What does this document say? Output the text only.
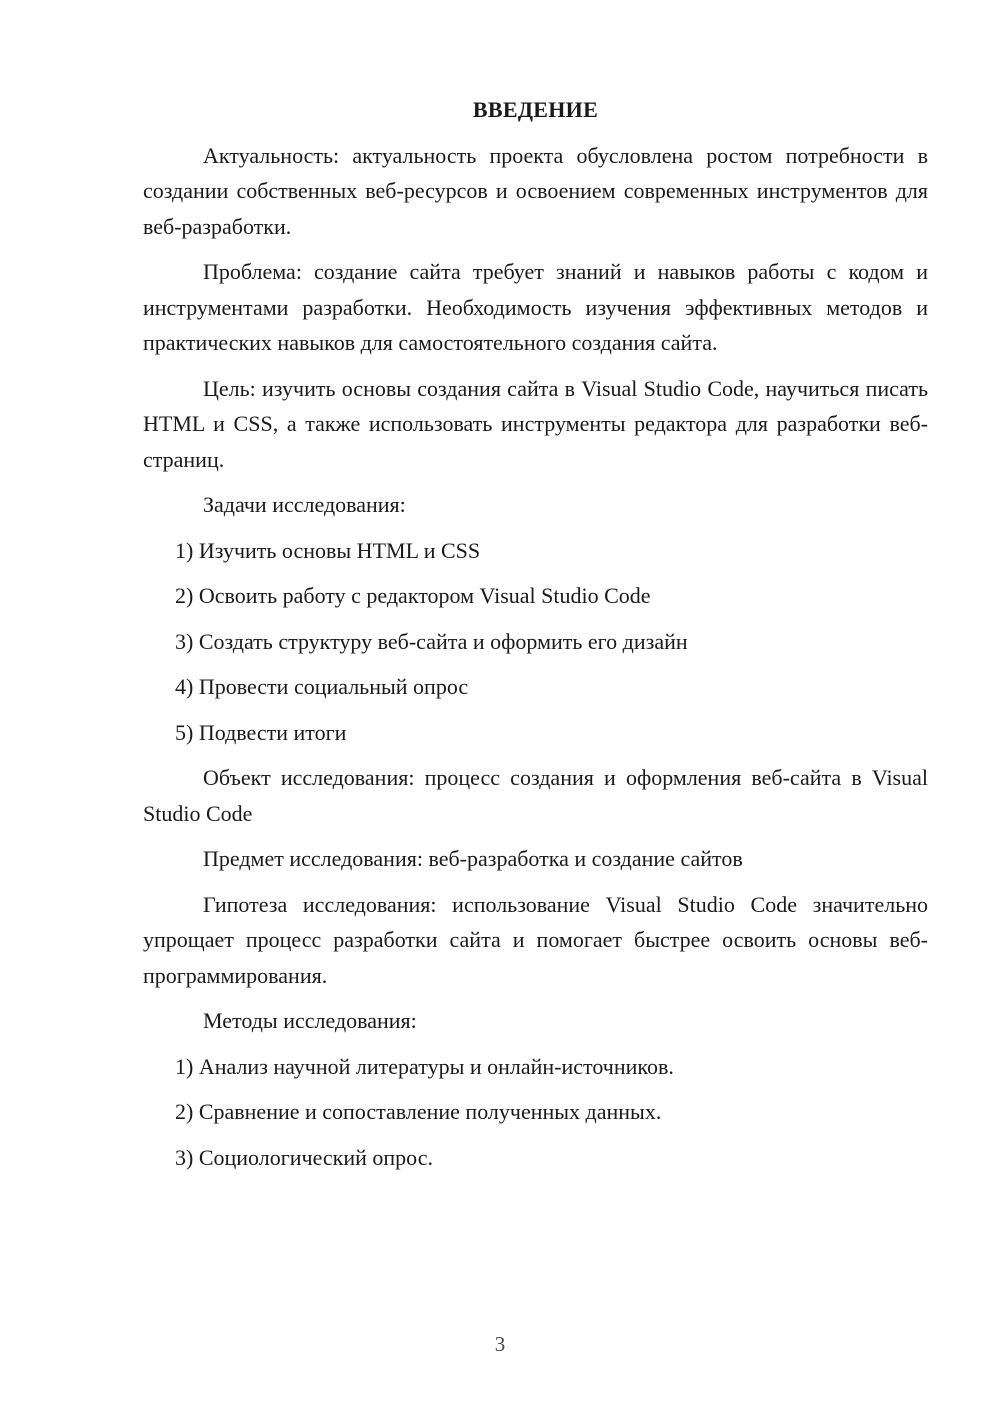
ВВЕДЕНИЕ

Актуальность: актуальность проекта обусловлена ростом потребности в создании собственных веб-ресурсов и освоением современных инструментов для веб-разработки.

Проблема: создание сайта требует знаний и навыков работы с кодом и инструментами разработки. Необходимость изучения эффективных методов и практических навыков для самостоятельного создания сайта.

Цель: изучить основы создания сайта в Visual Studio Code, научиться писать HTML и CSS, а также использовать инструменты редактора для разработки веб-страниц.

Задачи исследования:
1) Изучить основы HTML и CSS
2) Освоить работу с редактором Visual Studio Code
3) Создать структуру веб-сайта и оформить его дизайн
4) Провести социальный опрос
5) Подвести итоги

Объект исследования: процесс создания и оформления веб-сайта в Visual Studio Code

Предмет исследования: веб-разработка и создание сайтов

Гипотеза исследования: использование Visual Studio Code значительно упрощает процесс разработки сайта и помогает быстрее освоить основы веб-программирования.

Методы исследования:
1) Анализ научной литературы и онлайн-источников.
2) Сравнение и сопоставление полученных данных.
3) Социологический опрос.
3
